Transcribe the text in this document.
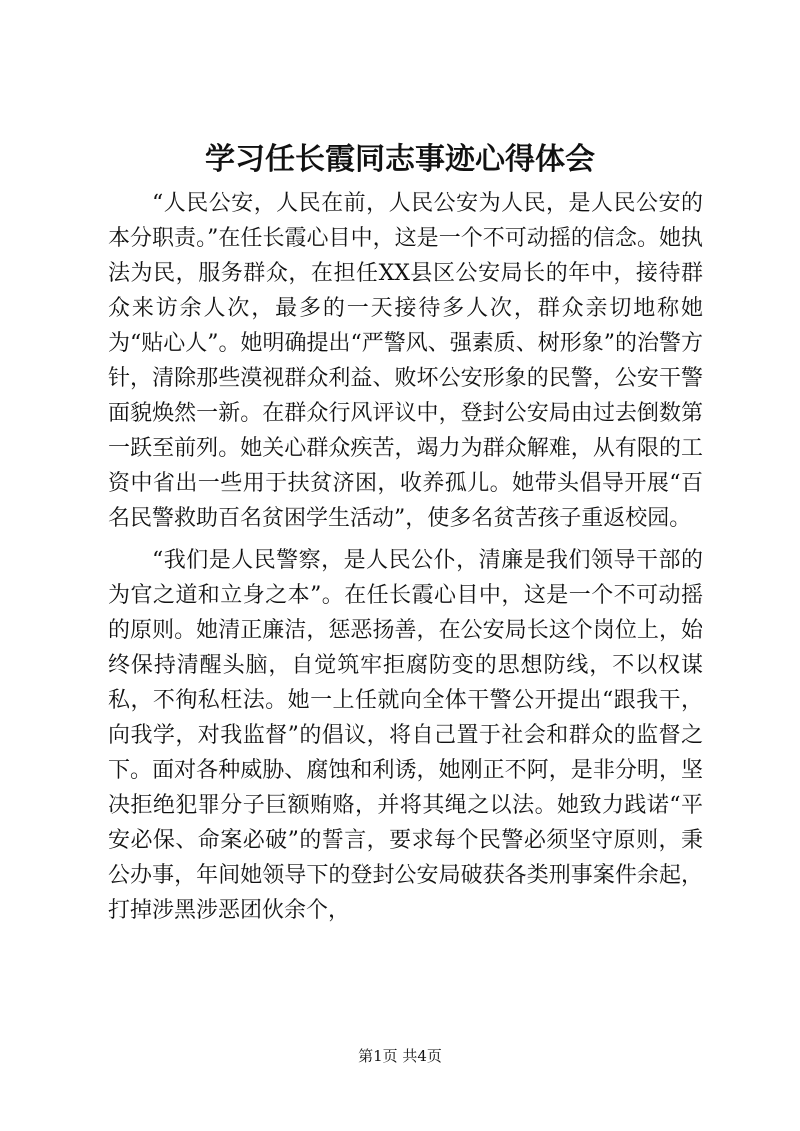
学习任长霞同志事迹心得体会

“人民公安，人民在前，人民公安为人民，是人民公安的本分职责。”在任长霞心目中，这是一个不可动摇的信念。她执法为民，服务群众，在担任XX县区公安局长的年中，接待群众来访余人次，最多的一天接待多人次，群众亲切地称她为“贴心人”。她明确提出“严警风、强素质、树形象”的治警方针，清除那些漠视群众利益、败坏公安形象的民警，公安干警面貌焕然一新。在群众行风评议中，登封公安局由过去倒数第一跃至前列。她关心群众疾苦，竭力为群众解难，从有限的工资中省出一些用于扶贫济困，收养孤儿。她带头倡导开展“百名民警救助百名贫困学生活动”，使多名贫苦孩子重返校园。

“我们是人民警察，是人民公仆，清廉是我们领导干部的为官之道和立身之本”。在任长霞心目中，这是一个不可动摇的原则。她清正廉洁，惩恶扬善，在公安局长这个岗位上，始终保持清醒头脑，自觉筑牢拒腐防变的思想防线，不以权谋私，不徇私枉法。她一上任就向全体干警公开提出“跟我干，向我学，对我监督”的倡议，将自己置于社会和群众的监督之下。面对各种威胁、腐蚀和利诱，她刚正不阿，是非分明，坚决拒绝犯罪分子巨额贿赂，并将其绳之以法。她致力践诺“平安必保、命案必破”的誓言，要求每个民警必须坚守原则，秉公办事，年间她领导下的登封公安局破获各类刑事案件余起，打掉涉黑涉恶团伙余个，

第1页 共4页
